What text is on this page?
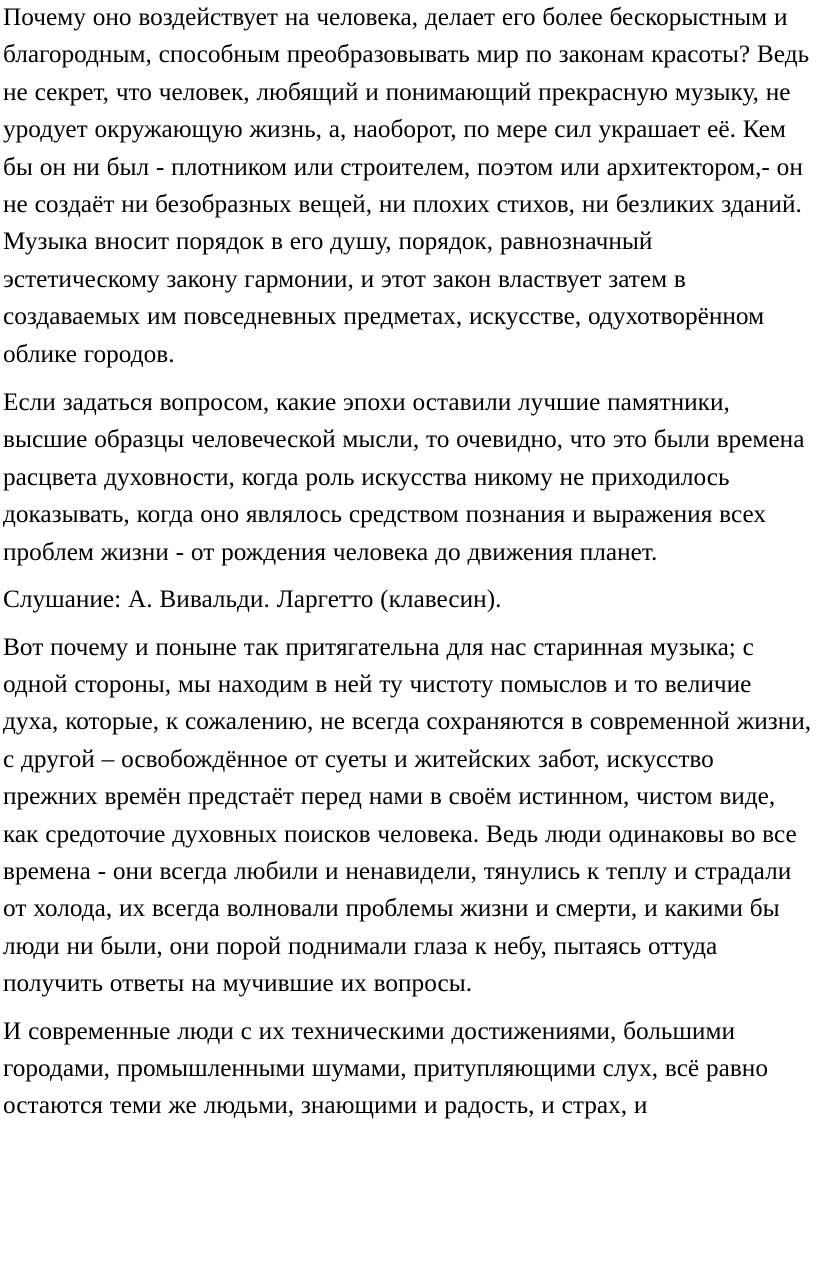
Почему оно воздействует на человека, делает его более бескорыстным и благородным, способным преобразовывать мир по законам красоты? Ведь не секрет, что человек, любящий и понимающий прекрасную музыку, не уродует окружающую жизнь, а, наоборот, по мере сил украшает её. Кем бы он ни был - плотником или строителем, поэтом или архитектором,- он не создаёт ни безобразных вещей, ни плохих стихов, ни безликих зданий. Музыка вносит порядок в его душу, порядок, равнозначный эстетическому закону гармонии, и этот закон властвует затем в создаваемых им повседневных предметах, искусстве, одухотворённом облике городов.

Если задаться вопросом, какие эпохи оставили лучшие памятники, высшие образцы человеческой мысли, то очевидно, что это были времена расцвета духовности, когда роль искусства никому не приходилось доказывать, когда оно являлось средством познания и выражения всех проблем жизни - от рождения человека до движения планет.

Слушание: А. Вивальди. Ларгетто (клавесин).

Вот почему и поныне так притягательна для нас старинная музыка; с одной стороны, мы находим в ней ту чистоту помыслов и то величие духа, которые, к сожалению, не всегда сохраняются в современной жизни, с другой – освобождённое от суеты и житейских забот, искусство прежних времён предстаёт перед нами в своём истинном, чистом виде, как средоточие духовных поисков человека. Ведь люди одинаковы во все времена - они всегда любили и ненавидели, тянулись к теплу и страдали от холода, их всегда волновали проблемы жизни и смерти, и какими бы люди ни были, они порой поднимали глаза к небу, пытаясь оттуда получить ответы на мучившие их вопросы.

И современные люди с их техническими достижениями, большими городами, промышленными шумами, притупляющими слух, всё равно остаются теми же людьми, знающими и радость, и страх, и
